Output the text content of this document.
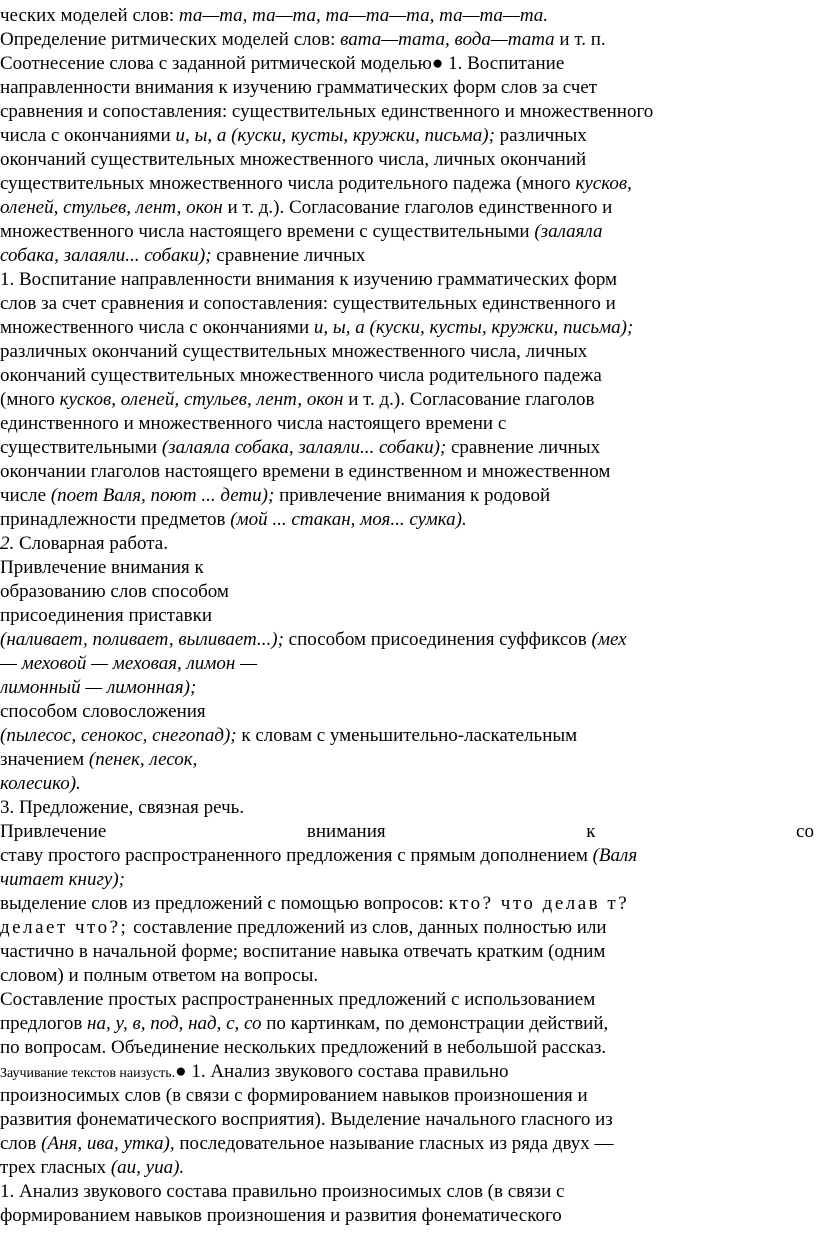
ческих моделей слов: та—та, та—та, та—та—та, та—та—та.
Определение ритмических моделей слов: вата—тата, вода—тата и т. п.
Соотнесение слова с заданной ритмической моделью● 1. Воспитание
направленности внимания к изучению грамматических форм слов за счет
сравнения и сопоставления: существительных единственного и множественного
числа с окончаниями и, ы, а (куски, кусты, кружки, письма); различных
окончаний существительных множественного числа, личных окончаний
существительных множественного числа родительного падежа (много кусков,
оленей, стульев, лент, окон и т. д.). Согласование глаголов единственного и
множественного числа настоящего времени с существительными (залаяла
собака, залаяли... собаки); сравнение личных
1. Воспитание направленности внимания к изучению грамматических форм
слов за счет сравнения и сопоставления: существительных единственного и
множественного числа с окончаниями и, ы, а (куски, кусты, кружки, письма);
различных окончаний существительных множественного числа, личных
окончаний существительных множественного числа родительного падежа
(много кусков, оленей, стульев, лент, окон и т. д.). Согласование глаголов
единственного и множественного числа настоящего времени с
существительными (залаяла собака, залаяли... собаки); сравнение личных
окончании глаголов настоящего времени в единственном и множественном
числе (поет Валя, поют ... дети); привлечение внимания к родовой
принадлежности предметов (мой ... стакан, моя... сумка).
2. Словарная работа.
Привлечение внимания к
образованию слов способом
присоединения приставки
(наливает, поливает, выливает...); способом присоединения суффиксов (мех
— меховой — меховая, лимон —
лимонный — лимонная);
способом словосложения
(пылесос, сенокос, снегопад); к словам с уменьшительно-ласкательным
значением (пенек, лесок,
колесико).
3. Предложение, связная речь.
Привлечение	внимания	к	со
ставу простого распространенного предложения с прямым дополнением (Валя
читает книгу);
выделение слов из предложений с помощью вопросов: кто? что делав т?
делает что?; составление предложений из слов, данных полностью или
частично в начальной форме; воспитание навыка отвечать кратким (одним
словом) и полным ответом на вопросы.
Составление простых распространенных предложений с использованием
предлогов на, у, в, под, над, с, со по картинкам, по демонстрации действий,
по вопросам. Объединение нескольких предложений в небольшой рассказ.
Заучивание текстов наизусть.● 1. Анализ звукового состава правильно
произносимых слов (в связи с формированием навыков произношения и
развития фонематического восприятия). Выделение начального гласного из
слов (Аня, ива, утка), последовательное называние гласных из ряда двух —
трех гласных (аи, уиа).
1. Анализ звукового состава правильно произносимых слов (в связи с
формированием навыков произношения и развития фонематического
